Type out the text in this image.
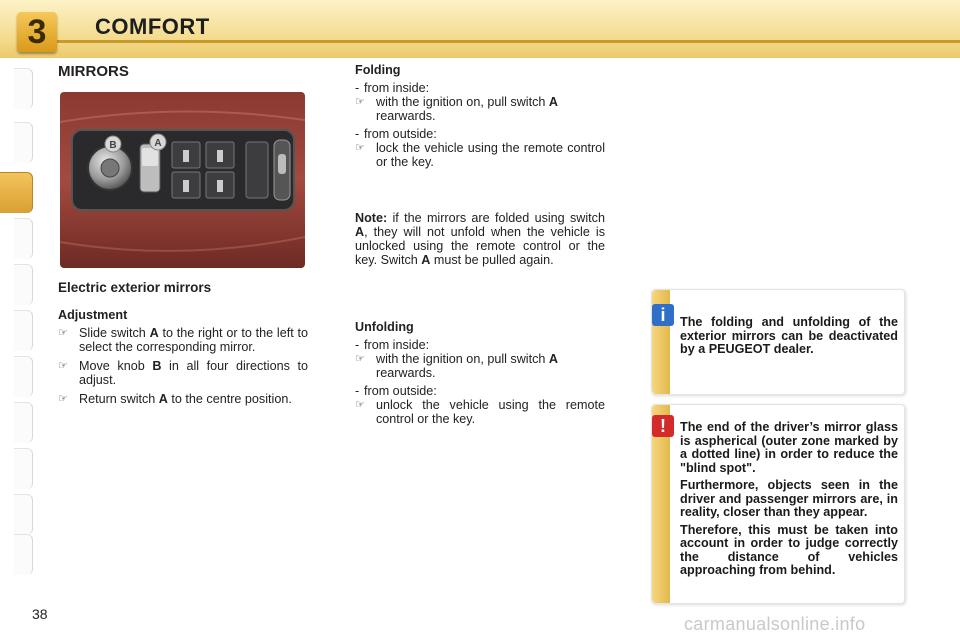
3	COMFORT
MIRRORS
B	A
Electric exterior mirrors
Adjustment
☞ Slide switch A to the right or to the left to select the corresponding mirror.
☞ Move knob B in all four directions to adjust.
☞ Return switch A to the centre position.
Folding
- from inside:
☞ with the ignition on, pull switch A
rearwards.
- from outside:
☞ lock the vehicle using the remote control or the key.
Note: if the mirrors are folded using switch A, they will not unfold when the vehicle is unlocked using the remote control or the key. Switch A must be pulled again.
Unfolding
- from inside:
☞ with the ignition on, pull switch A
rearwards.
- from outside:
☞ unlock the vehicle using the remote control or the key.
i	The folding and unfolding of the exterior mirrors can be deactivated by a PEUGEOT dealer.
!	The end of the driver’s mirror glass is aspherical (outer zone marked by a dotted line) in order to reduce the "blind spot".

Furthermore, objects seen in the driver and passenger mirrors are, in reality, closer than they appear.

Therefore, this must be taken into account in order to judge correctly the distance of vehicles approaching from behind.

38	carmanualsonline.info
